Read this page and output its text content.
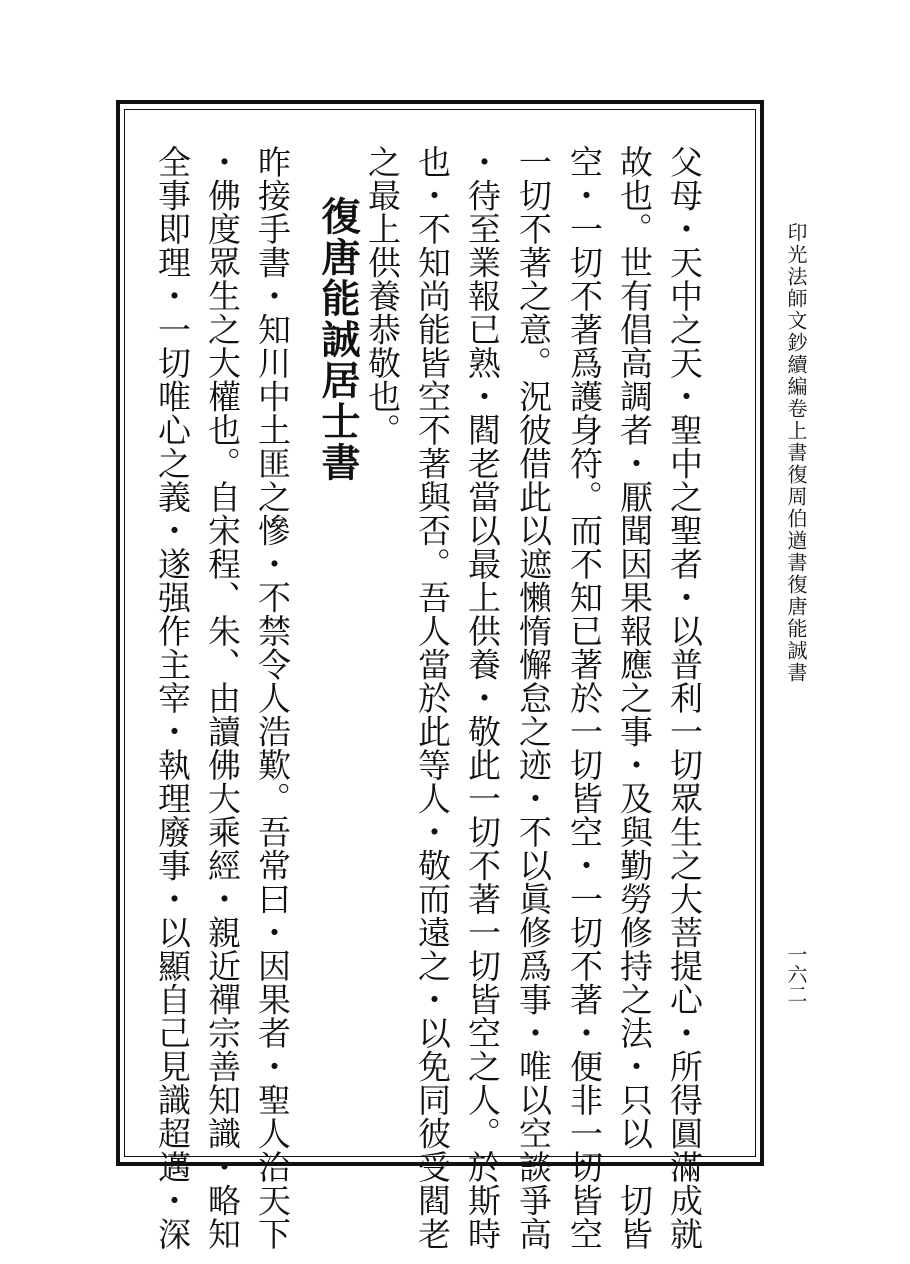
印光法師文鈔續編卷上書復周伯遒書復唐能誠書
一六二
父母・天中之天・聖中之聖者・以普利一切眾生之大菩提心・所得圓滿成就
故也。世有倡高調者・厭聞因果報應之事・及與勤勞修持之法・只以一切皆
空・一切不著爲護身符。而不知已著於一切皆空・一切不著・便非一切皆空
一切不著之意。況彼借此以遮懶惰懈怠之迹・不以眞修爲事・唯以空談爭高
・待至業報已熟・閻老當以最上供養・敬此一切不著一切皆空之人。於斯時
也・不知尚能皆空不著與否。吾人當於此等人・敬而遠之・以免同彼受閻老
之最上供養恭敬也。
復唐能誠居士書
昨接手書・知川中土匪之慘・不禁令人浩歎。吾常曰・因果者・聖人治天下
・佛度眾生之大權也。自宋程、朱、由讀佛大乘經・親近禪宗善知識・略知
全事即理・一切唯心之義・遂强作主宰・執理廢事・以顯自己見識超邁・深
